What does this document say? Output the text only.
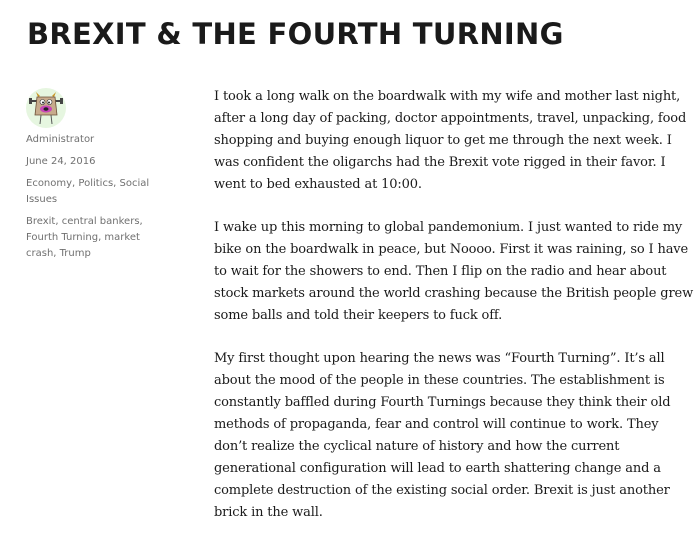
BREXIT & THE FOURTH TURNING
Administrator
June 24, 2016
Economy, Politics, Social Issues
Brexit, central bankers, Fourth Turning, market crash, Trump

I took a long walk on the boardwalk with my wife and mother last night, after a long day of packing, doctor appointments, travel, unpacking, food shopping and buying enough liquor to get me through the next week. I was confident the oligarchs had the Brexit vote rigged in their favor. I went to bed exhausted at 10:00.

I wake up this morning to global pandemonium. I just wanted to ride my bike on the boardwalk in peace, but Noooo. First it was raining, so I have to wait for the showers to end. Then I flip on the radio and hear about stock markets around the world crashing because the British people grew some balls and told their keepers to fuck off.

My first thought upon hearing the news was “Fourth Turning”. It’s all about the mood of the people in these countries. The establishment is constantly baffled during Fourth Turnings because they think their old methods of propaganda, fear and control will continue to work. They don’t realize the cyclical nature of history and how the current generational configuration will lead to earth shattering change and a complete destruction of the existing social order. Brexit is just another brick in the wall.
